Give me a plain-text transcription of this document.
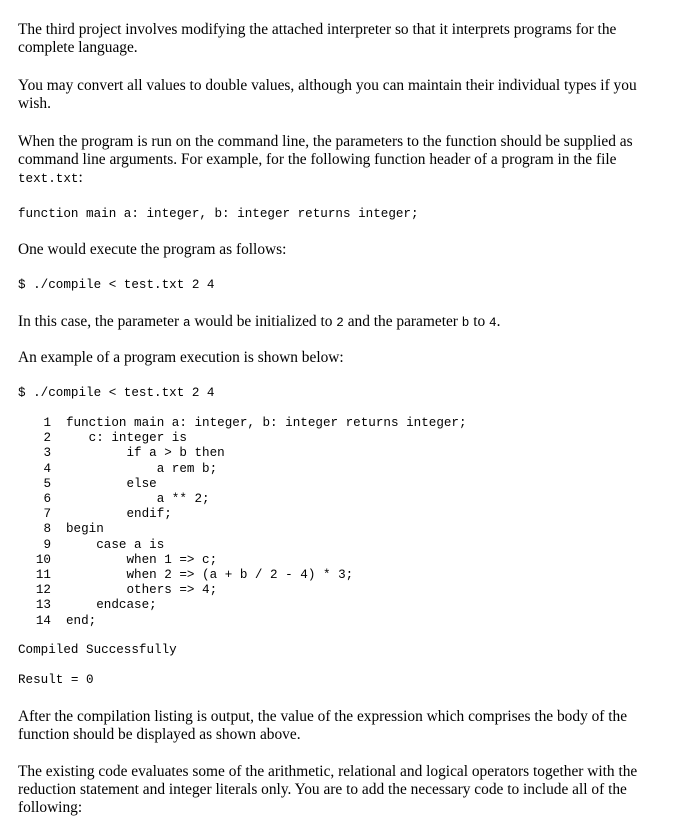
The third project involves modifying the attached interpreter so that it interprets programs for the complete language.

You may convert all values to double values, although you can maintain their individual types if you wish.

When the program is run on the command line, the parameters to the function should be supplied as command line arguments. For example, for the following function header of a program in the file text.txt:

function main a: integer, b: integer returns integer;

One would execute the program as follows:

$ ./compile < test.txt 2 4

In this case, the parameter a would be initialized to 2 and the parameter b to 4.

An example of a program execution is shown below:

$ ./compile < test.txt 2 4
1	function main a: integer, b: integer returns integer;
2	c: integer is
3	if a > b then
4	a rem b;
5	else
6	a ** 2;
7	endif;
8	begin
9	case a is
10	when 1 => c;
11	when 2 => (a + b / 2 - 4) * 3;
12	others => 4;
13	endcase;
14	end;
Compiled Successfully
Result = 0

After the compilation listing is output, the value of the expression which comprises the body of the function should be displayed as shown above.

The existing code evaluates some of the arithmetic, relational and logical operators together with the reduction statement and integer literals only. You are to add the necessary code to include all of the following:
